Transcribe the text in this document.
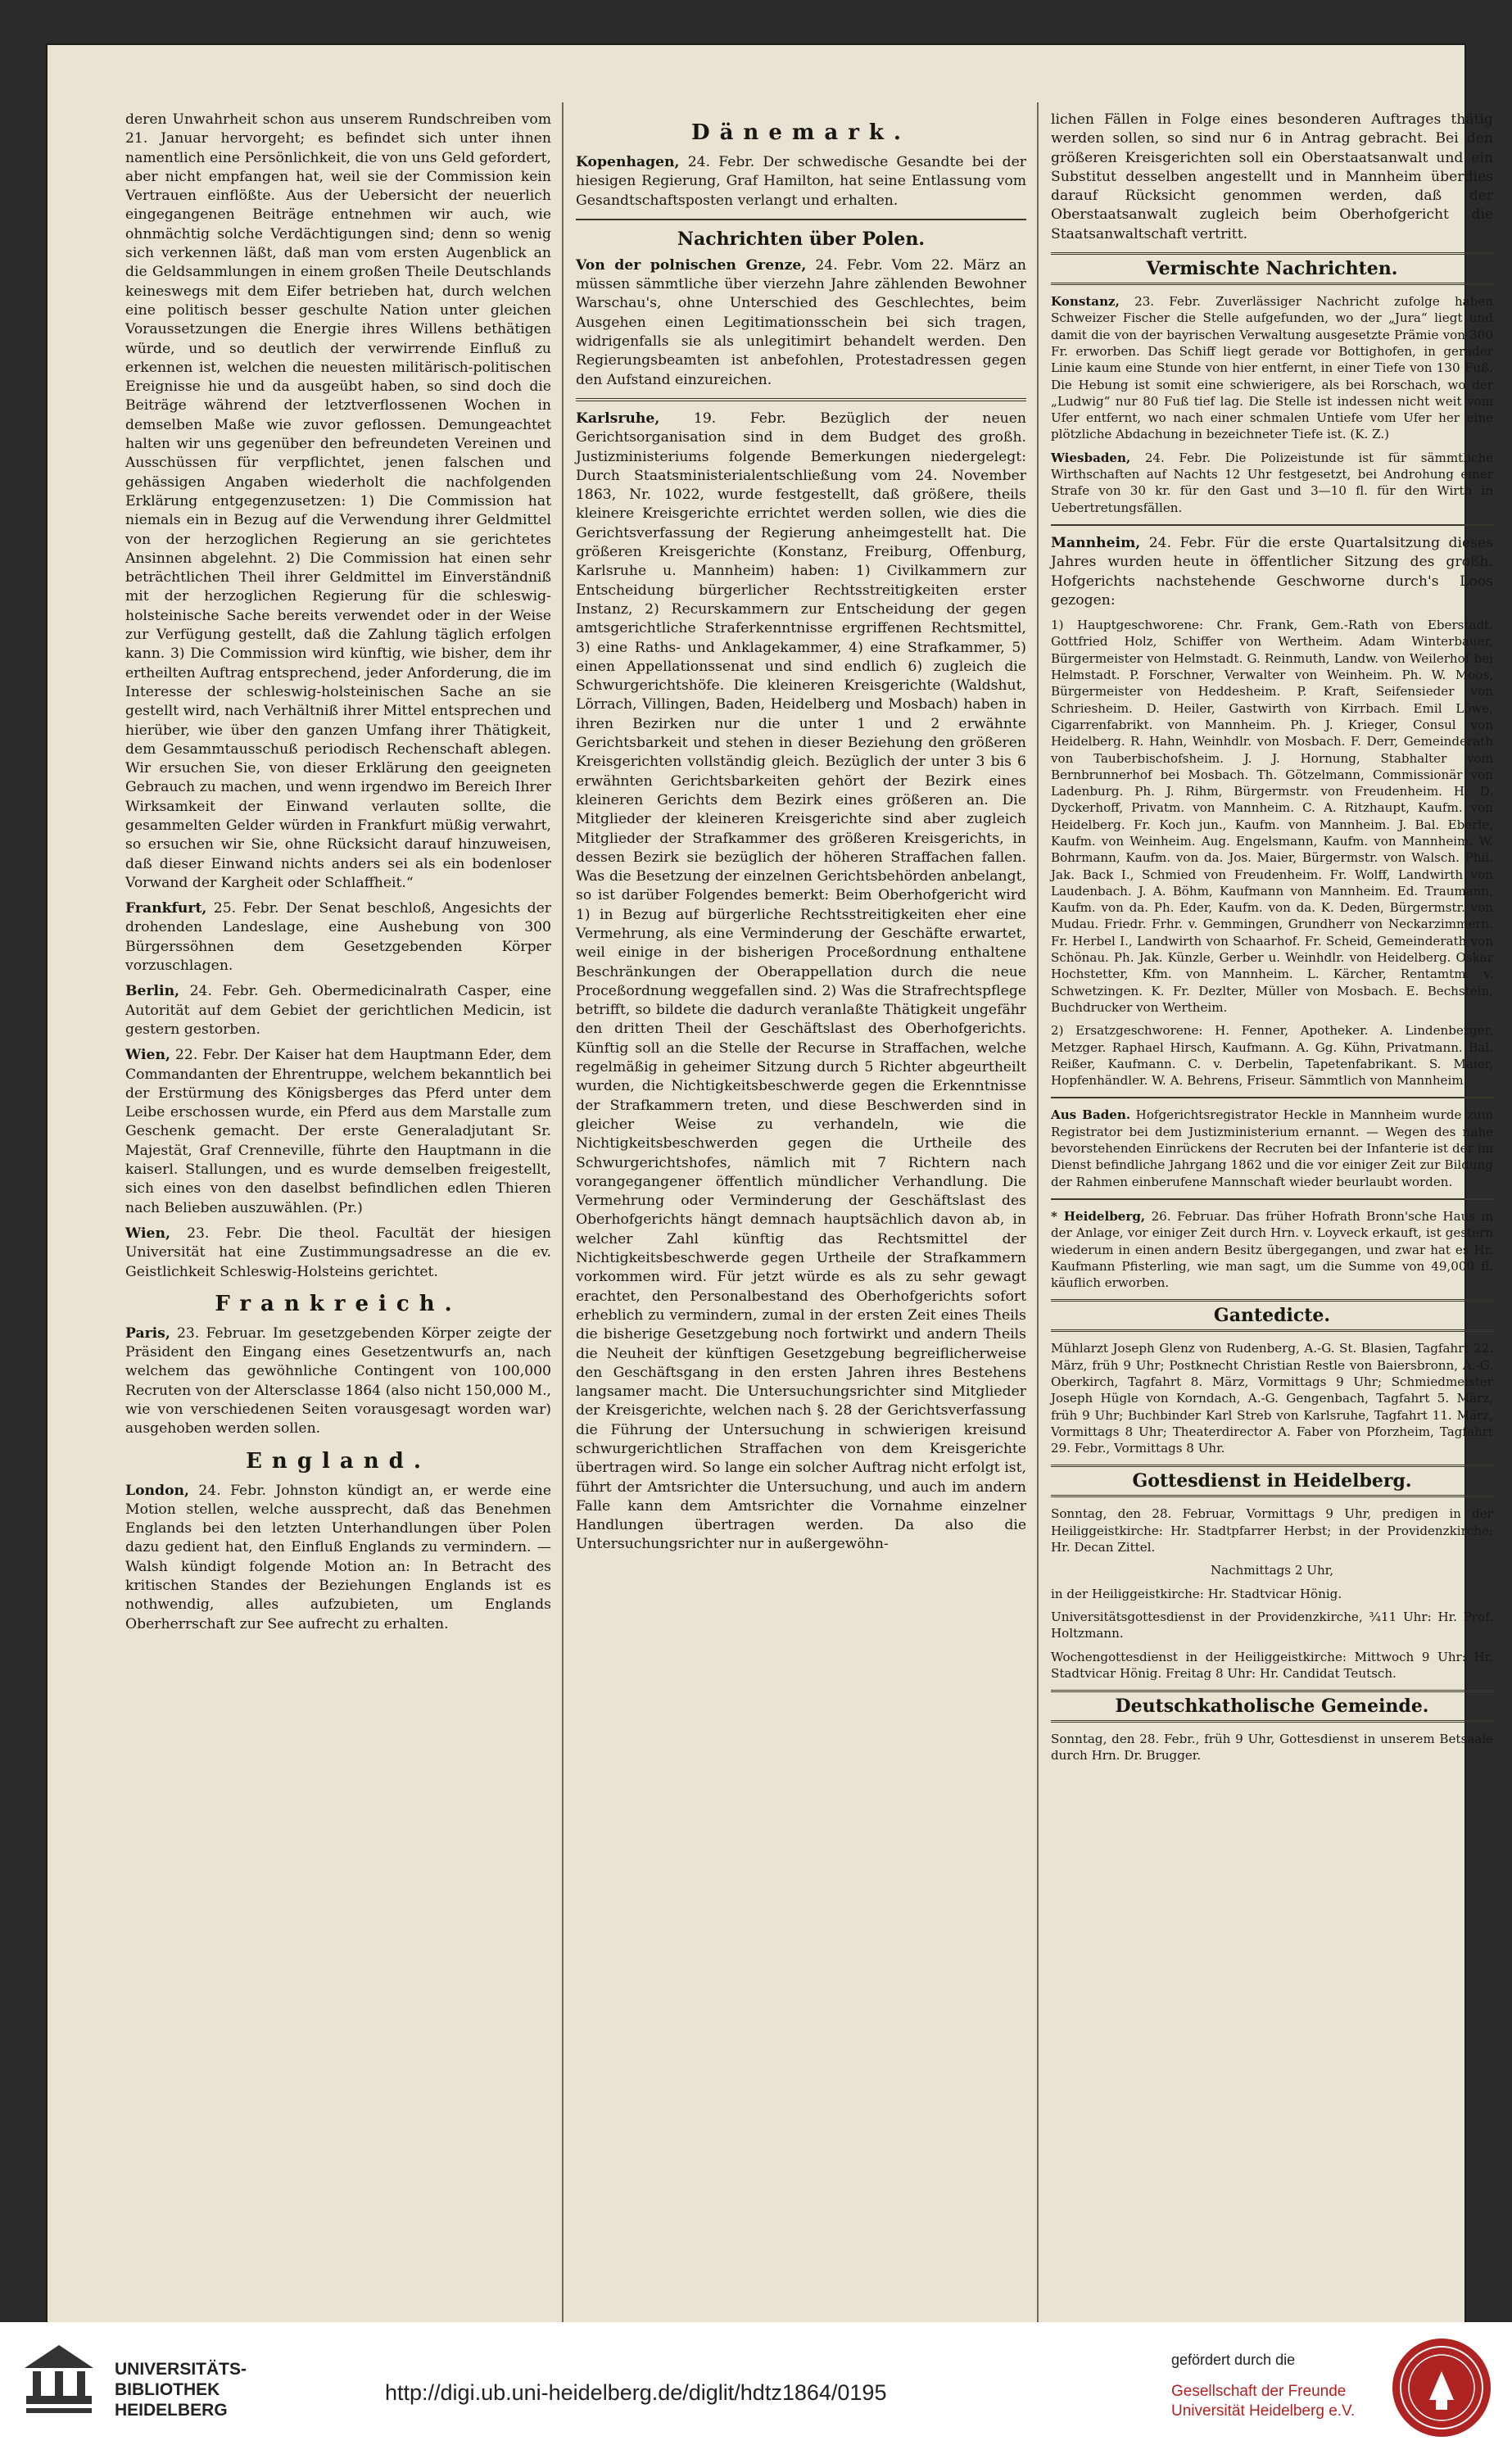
deren Unwahrheit schon aus unserem Rundschreiben vom 21. Januar hervorgeht; es befindet sich unter ihnen namentlich eine Persönlichkeit, die von uns Geld gefordert, aber nicht empfangen hat, weil sie der Commission kein Vertrauen einflößte. Aus der Uebersicht der neuerlich eingegangenen Beiträge entnehmen wir auch, wie ohnmächtig solche Verdächtigungen sind; denn so wenig sich verkennen läßt, daß man vom ersten Augenblick an die Geldsammlungen in einem großen Theile Deutschlands keineswegs mit dem Eifer betrieben hat, durch welchen eine politisch besser geschulte Nation unter gleichen Voraussetzungen die Energie ihres Willens bethätigen würde, und so deutlich der verwirrende Einfluß zu erkennen ist, welchen die neuesten militärisch-politischen Ereignisse hie und da ausgeübt haben, so sind doch die Beiträge während der letztverflossenen Wochen in demselben Maße wie zuvor geflossen. Demungeachtet halten wir uns gegenüber den befreundeten Vereinen und Ausschüssen für verpflichtet, jenen falschen und gehässigen Angaben wiederholt die nachfolgenden Erklärung entgegenzusetzen: 1) Die Commission hat niemals ein in Bezug auf die Verwendung ihrer Geldmittel von der herzoglichen Regierung an sie gerichtetes Ansinnen abgelehnt. 2) Die Commission hat einen sehr beträchtlichen Theil ihrer Geldmittel im Einverständniß mit der herzoglichen Regierung für die schleswig-holsteinische Sache bereits verwendet oder in der Weise zur Verfügung gestellt, daß die Zahlung täglich erfolgen kann. 3) Die Commission wird künftig, wie bisher, dem ihr ertheilten Auftrag entsprechend, jeder Anforderung, die im Interesse der schleswig-holsteinischen Sache an sie gestellt wird, nach Verhältniß ihrer Mittel entsprechen und hierüber, wie über den ganzen Umfang ihrer Thätigkeit, dem Gesammtausschuß periodisch Rechenschaft ablegen. Wir ersuchen Sie, von dieser Erklärung den geeigneten Gebrauch zu machen, und wenn irgendwo im Bereich Ihrer Wirksamkeit der Einwand verlauten sollte, die gesammelten Gelder würden in Frankfurt müßig verwahrt, so ersuchen wir Sie, ohne Rücksicht darauf hinzuweisen, daß dieser Einwand nichts anders sei als ein bodenloser Vorwand der Kargheit oder Schlaffheit.“

Frankfurt, 25. Febr. Der Senat beschloß, Angesichts der drohenden Landeslage, eine Aushebung von 300 Bürgerssöhnen dem Gesetzgebenden Körper vorzuschlagen.

Berlin, 24. Febr. Geh. Obermedicinalrath Casper, eine Autorität auf dem Gebiet der gerichtlichen Medicin, ist gestern gestorben.

Wien, 22. Febr. Der Kaiser hat dem Hauptmann Eder, dem Commandanten der Ehrentruppe, welchem bekanntlich bei der Erstürmung des Königsberges das Pferd unter dem Leibe erschossen wurde, ein Pferd aus dem Marstalle zum Geschenk gemacht. Der erste Generaladjutant Sr. Majestät, Graf Crenneville, führte den Hauptmann in die kaiserl. Stallungen, und es wurde demselben freigestellt, sich eines von den daselbst befindlichen edlen Thieren nach Belieben auszuwählen. (Pr.)

Wien, 23. Febr. Die theol. Facultät der hiesigen Universität hat eine Zustimmungsadresse an die ev. Geistlichkeit Schleswig-Holsteins gerichtet.

Frankreich.

Paris, 23. Februar. Im gesetzgebenden Körper zeigte der Präsident den Eingang eines Gesetzentwurfs an, nach welchem das gewöhnliche Contingent von 100,000 Recruten von der Altersclasse 1864 (also nicht 150,000 M., wie von verschiedenen Seiten vorausgesagt worden war) ausgehoben werden sollen.

England.

London, 24. Febr. Johnston kündigt an, er werde eine Motion stellen, welche aussprecht, daß das Benehmen Englands bei den letzten Unterhandlungen über Polen dazu gedient hat, den Einfluß Englands zu vermindern. — Walsh kündigt folgende Motion an: In Betracht des kritischen Standes der Beziehungen Englands ist es nothwendig, alles aufzubieten, um Englands Oberherrschaft zur See aufrecht zu erhalten.

Dänemark.

Kopenhagen, 24. Febr. Der schwedische Gesandte bei der hiesigen Regierung, Graf Hamilton, hat seine Entlassung vom Gesandtschaftsposten verlangt und erhalten.

Nachrichten über Polen.

Von der polnischen Grenze, 24. Febr. Vom 22. März an müssen sämmtliche über vierzehn Jahre zählenden Bewohner Warschau's, ohne Unterschied des Geschlechtes, beim Ausgehen einen Legitimationsschein bei sich tragen, widrigenfalls sie als unlegitimirt behandelt werden. Den Regierungsbeamten ist anbefohlen, Protestadressen gegen den Aufstand einzureichen.

Karlsruhe, 19. Febr. Bezüglich der neuen Gerichtsorganisation sind in dem Budget des großh. Justizministeriums folgende Bemerkungen niedergelegt: Durch Staatsministerialentschließung vom 24. November 1863, Nr. 1022, wurde festgestellt, daß größere, theils kleinere Kreisgerichte errichtet werden sollen, wie dies die Gerichtsverfassung der Regierung anheimgestellt hat. Die größeren Kreisgerichte (Konstanz, Freiburg, Offenburg, Karlsruhe u. Mannheim) haben: 1) Civilkammern zur Entscheidung bürgerlicher Rechtsstreitigkeiten erster Instanz, 2) Recurskammern zur Entscheidung der gegen amtsgerichtliche Straferkenntnisse ergriffenen Rechtsmittel, 3) eine Raths- und Anklagekammer, 4) eine Strafkammer, 5) einen Appellationssenat und sind endlich 6) zugleich die Schwurgerichtshöfe. Die kleineren Kreisgerichte (Waldshut, Lörrach, Villingen, Baden, Heidelberg und Mosbach) haben in ihren Bezirken nur die unter 1 und 2 erwähnte Gerichtsbarkeit und stehen in dieser Beziehung den größeren Kreisgerichten vollständig gleich. Bezüglich der unter 3 bis 6 erwähnten Gerichtsbarkeiten gehört der Bezirk eines kleineren Gerichts dem Bezirk eines größeren an. Die Mitglieder der kleineren Kreisgerichte sind aber zugleich Mitglieder der Strafkammer des größeren Kreisgerichts, in dessen Bezirk sie bezüglich der höheren Straffachen fallen. Was die Besetzung der einzelnen Gerichtsbehörden anbelangt, so ist darüber Folgendes bemerkt: Beim Oberhofgericht wird 1) in Bezug auf bürgerliche Rechtsstreitigkeiten eher eine Vermehrung, als eine Verminderung der Geschäfte erwartet, weil einige in der bisherigen Proceßordnung enthaltene Beschränkungen der Oberappellation durch die neue Proceßordnung weggefallen sind. 2) Was die Strafrechtspflege betrifft, so bildete die dadurch veranlaßte Thätigkeit ungefähr den dritten Theil der Geschäftslast des Oberhofgerichts. Künftig soll an die Stelle der Recurse in Straffachen, welche regelmäßig in geheimer Sitzung durch 5 Richter abgeurtheilt wurden, die Nichtigkeitsbeschwerde gegen die Erkenntnisse der Strafkammern treten, und diese Beschwerden sind in gleicher Weise zu verhandeln, wie die Nichtigkeitsbeschwerden gegen die Urtheile des Schwurgerichtshofes, nämlich mit 7 Richtern nach vorangegangener öffentlich mündlicher Verhandlung. Die Vermehrung oder Verminderung der Geschäftslast des Oberhofgerichts hängt demnach hauptsächlich davon ab, in welcher Zahl künftig das Rechtsmittel der Nichtigkeitsbeschwerde gegen Urtheile der Strafkammern vorkommen wird. Für jetzt würde es als zu sehr gewagt erachtet, den Personalbestand des Oberhofgerichts sofort erheblich zu vermindern, zumal in der ersten Zeit eines Theils die bisherige Gesetzgebung noch fortwirkt und andern Theils die Neuheit der künftigen Gesetzgebung begreiflicherweise den Geschäftsgang in den ersten Jahren ihres Bestehens langsamer macht. Die Untersuchungsrichter sind Mitglieder der Kreisgerichte, welchen nach §. 28 der Gerichtsverfassung die Führung der Untersuchung in schwierigen kreisund schwurgerichtlichen Straffachen von dem Kreisgerichte übertragen wird. So lange ein solcher Auftrag nicht erfolgt ist, führt der Amtsrichter die Untersuchung, und auch im andern Falle kann dem Amtsrichter die Vornahme einzelner Handlungen übertragen werden. Da also die Untersuchungsrichter nur in außergewöhn-

lichen Fällen in Folge eines besonderen Auftrages thätig werden sollen, so sind nur 6 in Antrag gebracht. Bei den größeren Kreisgerichten soll ein Oberstaatsanwalt und ein Substitut desselben angestellt und in Mannheim überdies darauf Rücksicht genommen werden, daß der Oberstaatsanwalt zugleich beim Oberhofgericht die Staatsanwaltschaft vertritt.

Vermischte Nachrichten.

Konstanz, 23. Febr. Zuverlässiger Nachricht zufolge haben Schweizer Fischer die Stelle aufgefunden, wo der „Jura“ liegt und damit die von der bayrischen Verwaltung ausgesetzte Prämie von 300 Fr. erworben. Das Schiff liegt gerade vor Bottighofen, in gerader Linie kaum eine Stunde von hier entfernt, in einer Tiefe von 130 Fuß. Die Hebung ist somit eine schwierigere, als bei Rorschach, wo der „Ludwig“ nur 80 Fuß tief lag. Die Stelle ist indessen nicht weit vom Ufer entfernt, wo nach einer schmalen Untiefe vom Ufer her eine plötzliche Abdachung in bezeichneter Tiefe ist. (K. Z.)

Wiesbaden, 24. Febr. Die Polizeistunde ist für sämmtliche Wirthschaften auf Nachts 12 Uhr festgesetzt, bei Androhung einer Strafe von 30 kr. für den Gast und 3—10 fl. für den Wirth in Uebertretungsfällen.

Mannheim, 24. Febr. Für die erste Quartalsitzung dieses Jahres wurden heute in öffentlicher Sitzung des großh. Hofgerichts nachstehende Geschworne durch's Loos gezogen:

1) Hauptgeschworene: Chr. Frank, Gem.-Rath von Eberstadt. Gottfried Holz, Schiffer von Wertheim. Adam Winterbauer, Bürgermeister von Helmstadt. G. Reinmuth, Landw. von Weilerhof bei Helmstadt. P. Forschner, Verwalter von Weinheim. Ph. W. Moos, Bürgermeister von Heddesheim. P. Kraft, Seifensieder von Schriesheim. D. Heiler, Gastwirth von Kirrbach. Emil Löwe, Cigarrenfabrikt. von Mannheim. Ph. J. Krieger, Consul von Heidelberg. R. Hahn, Weinhdlr. von Mosbach. F. Derr, Gemeinderath von Tauberbischofsheim. J. J. Hornung, Stabhalter vom Bernbrunnerhof bei Mosbach. Th. Götzelmann, Commissionär von Ladenburg. Ph. J. Rihm, Bürgermstr. von Freudenheim. H. D. Dyckerhoff, Privatm. von Mannheim. C. A. Ritzhaupt, Kaufm. von Heidelberg. Fr. Koch jun., Kaufm. von Mannheim. J. Bal. Eberle, Kaufm. von Weinheim. Aug. Engelsmann, Kaufm. von Mannheim. W. Bohrmann, Kaufm. von da. Jos. Maier, Bürgermstr. von Walsch. Phil. Jak. Back I., Schmied von Freudenheim. Fr. Wolff, Landwirth von Laudenbach. J. A. Böhm, Kaufmann von Mannheim. Ed. Traumann, Kaufm. von da. Ph. Eder, Kaufm. von da. K. Deden, Bürgermstr. von Mudau. Friedr. Frhr. v. Gemmingen, Grundherr von Neckarzimmern. Fr. Herbel I., Landwirth von Schaarhof. Fr. Scheid, Gemeinderath von Schönau. Ph. Jak. Künzle, Gerber u. Weinhdlr. von Heidelberg. Oskar Hochstetter, Kfm. von Mannheim. L. Kärcher, Rentamtm. v. Schwetzingen. K. Fr. Dezlter, Müller von Mosbach. E. Bechstein, Buchdrucker von Wertheim.

2) Ersatzgeschworene: H. Fenner, Apotheker. A. Lindenberger, Metzger. Raphael Hirsch, Kaufmann. A. Gg. Kühn, Privatmann. Bal. Reißer, Kaufmann. C. v. Derbelin, Tapetenfabrikant. S. Maier, Hopfenhändler. W. A. Behrens, Friseur. Sämmtlich von Mannheim.

Aus Baden. Hofgerichtsregistrator Heckle in Mannheim wurde zum Registrator bei dem Justizministerium ernannt. — Wegen des nahe bevorstehenden Einrückens der Recruten bei der Infanterie ist der im Dienst befindliche Jahrgang 1862 und die vor einiger Zeit zur Bildung der Rahmen einberufene Mannschaft wieder beurlaubt worden.

* Heidelberg, 26. Februar. Das früher Hofrath Bronn'sche Haus in der Anlage, vor einiger Zeit durch Hrn. v. Loyveck erkauft, ist gestern wiederum in einen andern Besitz übergegangen, und zwar hat es Hr. Kaufmann Pfisterling, wie man sagt, um die Summe von 49,000 fl. käuflich erworben.

Gantedicte.

Mühlarzt Joseph Glenz von Rudenberg, A.-G. St. Blasien, Tagfahrt 22. März, früh 9 Uhr; Postknecht Christian Restle von Baiersbronn, A.-G. Oberkirch, Tagfahrt 8. März, Vormittags 9 Uhr; Schmiedmeister Joseph Hügle von Korndach, A.-G. Gengenbach, Tagfahrt 5. März, früh 9 Uhr; Buchbinder Karl Streb von Karlsruhe, Tagfahrt 11. März, Vormittags 8 Uhr; Theaterdirector A. Faber von Pforzheim, Tagfahrt 29. Febr., Vormittags 8 Uhr.

Gottesdienst in Heidelberg.

Sonntag, den 28. Februar, Vormittags 9 Uhr, predigen in der Heiliggeistkirche: Hr. Stadtpfarrer Herbst; in der Providenzkirche: Hr. Decan Zittel.

Nachmittags 2 Uhr,

in der Heiliggeistkirche: Hr. Stadtvicar Hönig.

Universitätsgottesdienst in der Providenzkirche, ¾11 Uhr: Hr. Prof. Holtzmann.

Wochengottesdienst in der Heiliggeistkirche: Mittwoch 9 Uhr: Hr. Stadtvicar Hönig. Freitag 8 Uhr: Hr. Candidat Teutsch.

Deutschkatholische Gemeinde.

Sonntag, den 28. Febr., früh 9 Uhr, Gottesdienst in unserem Betsaale durch Hrn. Dr. Brugger.

UNIVERSITÄTS-
BIBLIOTHEK
HEIDELBERG
http://digi.ub.uni-heidelberg.de/diglit/hdtz1864/0195
gefördert durch die
Gesellschaft der Freunde
Universität Heidelberg e.V.
